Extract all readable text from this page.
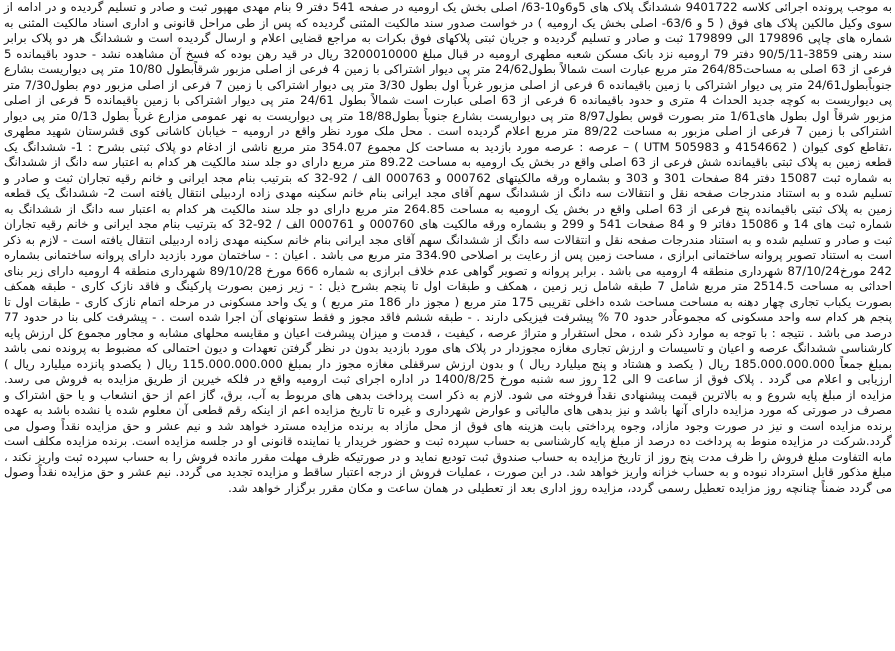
به موجب پرونده اجرائی کلاسه 9401722 ششدانگ پلاک های 5و6و10-63/ اصلی بخش یک ارومیه در صفحه 541 دفتر 9 بنام مهدی مهپور ثبت و صادر و تسلیم گردیده و در ادامه از سوی وکیل مالکین پلاک های فوق ( 5 و 63/6- اصلی بخش یک ارومیه ) در خواست صدور سند مالکیت المثنی گردیده که پس از طی مراحل قانونی و اداری اسناد مالکیت المثنی به شماره های چاپی 179896 الی 179899 ثبت و صادر و تسلیم گردیده و جریان ثبتی پلاکهای فوق بکرات به مراجع قضایی اعلام و ارسال گردیده است و ششدانگ هر دو پلاک برابر سند رهنی 3859-90/5/11 دفتر 79 ارومیه نزد بانک مسکن شعبه مطهری ارومیه در قبال مبلغ 3200010000 ریال در قید رهن بوده که فسخ آن مشاهده نشد - حدود باقیمانده 5 فرعی از 63 اصلی به مساحت264/85 متر مربع عبارت است شمالاً بطول24/62 متر پی دیوار اشتراکی با زمین 4 فرعی از اصلی مزبور شرقاًبطول 10/80 متر پی دیواریست بشارع جنوباًبطول24/61 متر پی دیوار اشتراکی با زمین باقیمانده 6 فرعی از اصلی مزبور غرباً اول بطول 3/30 متر پی دیوار اشتراکی با زمین 7 فرعی از اصلی مزبور دوم بطول7/30 متر پی دیواریست به کوچه جدید الحداث 4 متری و حدود باقیمانده 6 فرعی از 63 اصلی عبارت است شمالاً بطول 24/61 متر پی دیوار اشتراکی با زمین باقیمانده 5 فرعی از اصلی مزبور شرقاً اول بطول های1/61 متر بصورت قوس بطول8/97 متر پی دیواریست بشارع جنوباً بطول18/88 متر پی دیواریست به نهر عمومی مزارع غرباً بطول 0/13 متر پی دیوار اشتراکی با زمین 7 فرعی از اصلی مزبور به مساحت 89/22 متر مربع اعلام گردیده است . محل ملک مورد نظر واقع در ارومیه – خیابان کاشانی کوی قشرستان شهید مطهری ،تقاطع کوی کیوان ( 4154662 و UTM 505983 ) – عرصه : عرصه مورد بازدید به مساحت کل مجموع 354.07 متر مربع ناشی از ادغام دو پلاک ثبتی بشرح : 1- ششدانگ یک قطعه زمین به پلاک ثبتی باقیمانده شش فرعی از 63 اصلی واقع در بخش یک ارومیه به مساحت 89.22 متر مربع دارای دو جلد سند مالکیت هر کدام به اعتبار سه دانگ از ششدانگ به شماره ثبت 15087 دفتر 84 صفحات 301 و 303 و بشماره ورقه مالکیتهای 000762 و 000763 الف / 92-32 که بترتیب بنام مجد ایرانی و خانم رقیه تجاران ثبت و صادر و تسلیم شده و به استناد مندرجات صفحه نقل و انتقالات سه دانگ از ششدانگ سهم آقای مجد ایرانی بنام خانم سکینه مهدی زاده اردبیلی انتقال یافته است 2- ششدانگ یک قطعه زمین به پلاک ثبتی باقیمانده پنج فرعی از 63 اصلی واقع در بخش یک ارومیه به مساحت 264.85 متر مربع دارای دو جلد سند مالکیت هر کدام به اعتبار سه دانگ از ششدانگ به شماره ثبت های 14 و 15086 دفاتر 9 و 84 صفحات 541 و 299 و بشماره ورقه مالکیت های 000760 و 000761 الف / 92-32 که بترتیب بنام مجد ایرانی و خانم رقیه تجاران ثبت و صادر و تسلیم شده و به استناد مندرجات صفحه نقل و انتقالات سه دانگ از ششدانگ سهم آقای مجد ایرانی بنام خانم سکینه مهدی زاده اردبیلی انتقال یافته است - لازم به ذکر است به استناد تصویر پروانه ساختمانی ابرازی ، مساحت زمین پس از رعایت بر اصلاحی 334.90 متر مربع می باشد . اعیان : - ساختمان مورد بازدید دارای پروانه ساختمانی بشماره 242 مورخ87/10/24 شهرداری منطقه 4 ارومیه می باشد . برابر پروانه و تصویر گواهی عدم خلاف ابرازی به شماره 666 مورخ 89/10/28 شهرداری منطقه 4 ارومیه دارای زیر بنای احداثی به مساحت 2514.5 متر مربع شامل 7 طبقه شامل زیر زمین ، همکف و طبقات اول تا پنجم بشرح ذیل : - زیر زمین بصورت پارکینگ و فاقد نازک کاری - طبقه همکف بصورت یکباب تجاری چهار دهنه به مساحت مساحت شده داخلی تقریبی 175 متر مربع ( مجوز دار 186 متر مربع ) و یک واحد مسکونی در مرحله اتمام نازک کاری - طبقات اول تا پنجم هر کدام سه واحد مسکونی که مجموعاًدر حدود 70 % پیشرفت فیزیکی دارند . - طبقه ششم فاقد مجوز و فقط ستونهای آن اجرا شده است . - پیشرفت کلی بنا در حدود 77 درصد می باشد . نتیجه : با توجه به موارد ذکر شده ، محل استقرار و متراژ عرصه ، کیفیت ، قدمت و میزان پیشرفت اعیان و مقایسه محلهای مشابه و مجاور مجموع کل ارزش پایه کارشناسی ششدانگ عرصه و اعیان و تاسیسات و ارزش تجاری مغازه مجوزدار در پلاک های مورد بازدید بدون در نظر گرفتن تعهدات و دیون احتمالی که مضبوط به پرونده نمی باشد بمبلغ جمعاً 185.000.000.000 ریال ( یکصد و هشتاد و پنج میلیارد ریال ) و بدون ارزش سرقفلی مغازه مجوز دار بمبلغ 115.000.000.000 ریال ( یکصدو پانزده میلیارد ریال ) ارزیابی و اعلام می گردد . پلاک فوق از ساعت 9 الی 12 روز سه شنبه مورخ 1400/8/25 در اداره اجرای ثبت ارومیه واقع در فلکه خیرین از طریق مزایده به فروش می رسد. مزایده از مبلغ پایه شروع و به بالاترین قیمت پیشنهادی نقداً فروخته می شود. لازم به ذکر است پرداخت بدهی های مربوط به آب، برق، گاز اعم از حق انشعاب و یا حق اشتراک و مصرف در صورتی که مورد مزایده دارای آنها باشد و نیز بدهی های مالیاتی و عوارض شهرداری و غیره تا تاریخ مزایده اعم از اینکه رقم قطعی آن معلوم شده یا نشده باشد به عهده برنده مزایده است و نیز در صورت وجود مازاد، وجوه پرداختی بابت هزینه های فوق از محل مازاد به برنده مزایده مسترد خواهد شد و نیم عشر و حق مزایده نقداً وصول می گردد.شرکت در مزایده منوط به پرداخت ده درصد از مبلغ پایه کارشناسی به حساب سپرده ثبت و حضور خریدار یا نماینده قانونی او در جلسه مزایده است. برنده مزایده مکلف است مابه التفاوت مبلغ فروش را ظرف مدت پنج روز از تاریخ مزایده به حساب صندوق ثبت تودیع نماید و در صورتیکه ظرف مهلت مقرر مانده فروش را به حساب سپرده ثبت واریز نکند ، مبلغ مذکور قابل استرداد نبوده و به حساب خزانه واریز خواهد شد. در این صورت ، عملیات فروش از درجه اعتبار ساقط و مزایده تجدید می گردد. نیم عشر و حق مزایده نقداً وصول می گردد ضمناً چنانچه روز مزایده تعطیل رسمی گردد، مزایده روز اداری بعد از تعطیلی در همان ساعت و مکان مقرر برگزار خواهد شد.
